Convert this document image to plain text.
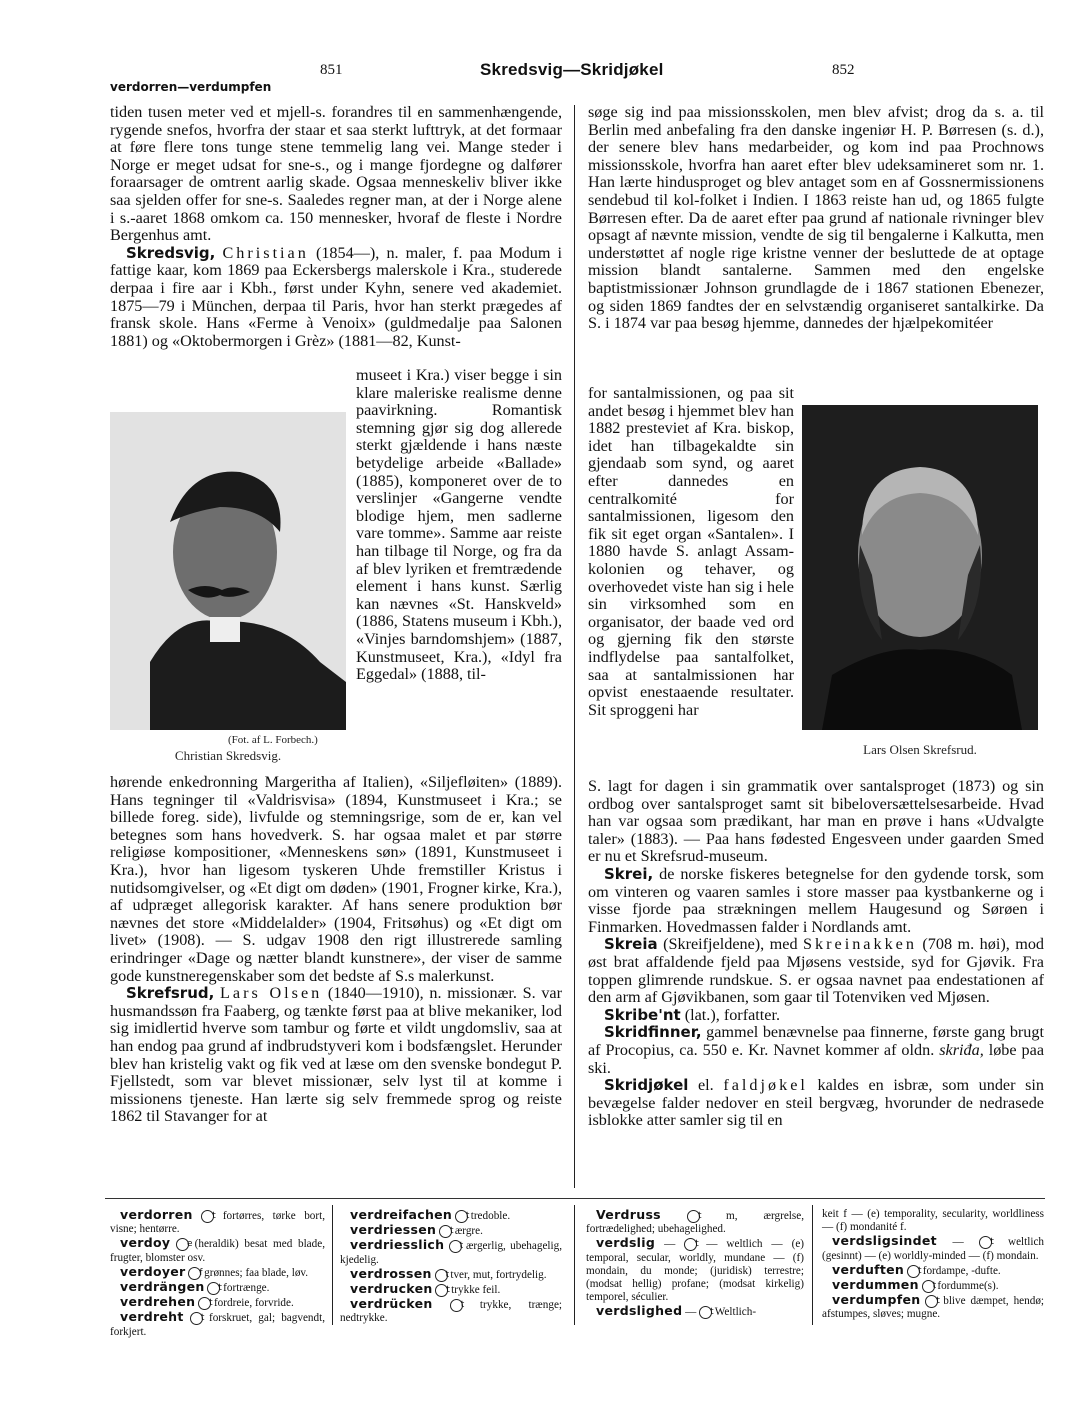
851	Skredsvig—Skridjøkel	852
verdorren—verdumpfen

tiden tusen meter ved et mjell-s. forandres til en sammenhængende, rygende snefos, hvorfra der staar et saa sterkt lufttryk, at det formaar at føre flere tons tunge stene temmelig lang vei. Mange steder i Norge er meget udsat for sne-s., og i mange fjordegne og dalfører foraarsager de omtrent aarlig skade. Ogsaa menneskeliv bliver ikke saa sjelden offer for sne-s. Saaledes regner man, at der i Norge alene i s.-aaret 1868 omkom ca. 150 mennesker, hvoraf de fleste i Nordre Bergenhus amt.

Skredsvig, Christian (1854—), n. maler, f. paa Modum i fattige kaar, kom 1869 paa Eckersbergs malerskole i Kra., studerede derpaa i fire aar i Kbh., først under Kyhn, senere ved akademiet. 1875—79 i München, derpaa til Paris, hvor han sterkt prægedes af fransk skole. Hans «Ferme à Venoix» (guldmedalje paa Salonen 1881) og «Oktobermorgen i Grèz» (1881—82, Kunst-

(Fot. af L. Forbech.)
Christian Skredsvig.
museet i Kra.) viser begge i sin klare maleriske realisme denne paavirkning. Romantisk stemning gjør sig dog allerede sterkt gjældende i hans næste betydelige arbeide «Ballade» (1885), komponeret over de to verslinjer «Gangerne vendte blodige hjem, men sadlerne vare tomme». Samme aar reiste han tilbage til Norge, og fra da af blev lyriken et fremtrædende element i hans kunst. Særlig kan nævnes «St. Hanskveld» (1886, Statens museum i Kbh.), «Vinjes barndomshjem» (1887, Kunstmuseet, Kra.), «Idyl fra Eggedal» (1888, til-

hørende enkedronning Margeritha af Italien), «Siljefløiten» (1889). Hans tegninger til «Valdrisvisa» (1894, Kunstmuseet i Kra.; se billede foreg. side), livfulde og stemningsrige, som de er, kan vel betegnes som hans hovedverk. S. har ogsaa malet et par større religiøse kompositioner, «Menneskens søn» (1891, Kunstmuseet i Kra.), hvor han ligesom tyskeren Uhde fremstiller Kristus i nutidsomgivelser, og «Et digt om døden» (1901, Frogner kirke, Kra.), af udpræget allegorisk karakter. Af hans senere produktion bør nævnes det store «Middelalder» (1904, Fritsøhus) og «Et digt om livet» (1908). — S. udgav 1908 den rigt illustrerede samling erindringer «Dage og nætter blandt kunstnere», der viser de samme gode kunstneregenskaber som det bedste af S.s malerkunst.

Skrefsrud, Lars Olsen (1840—1910), n. missionær. S. var husmandssøn fra Faaberg, og tænkte først paa at blive mekaniker, lod sig imidlertid hverve som tambur og førte et vildt ungdomsliv, saa at han endog paa grund af indbrudstyveri kom i bodsfængslet. Herunder blev han kristelig vakt og fik ved at læse om den svenske bondegut P. Fjellstedt, som var blevet missionær, selv lyst til at komme i missionens tjeneste. Han lærte sig selv fremmede sprog og reiste 1862 til Stavanger for at

søge sig ind paa missionsskolen, men blev afvist; drog da s. a. til Berlin med anbefaling fra den danske ingeniør H. P. Børresen (s. d.), der senere blev hans medarbeider, og kom ind paa Prochnows missionsskole, hvorfra han aaret efter blev udeksamineret som nr. 1. Han lærte hindusproget og blev antaget som en af Gossnermissionens sendebud til kol-folket i Indien. I 1863 reiste han ud, og 1865 fulgte Børresen efter. Da de aaret efter paa grund af nationale rivninger blev opsagt af nævnte mission, vendte de sig til bengalerne i Kalkutta, men understøttet af nogle rige kristne venner der besluttede de at optage mission blandt santalerne. Sammen med den engelske baptistmissionær Johnson grundlagde de i 1867 stationen Ebenezer, og siden 1869 fandtes der en selvstændig organiseret santalkirke. Da S. i 1874 var paa besøg hjemme, dannedes der hjælpekomitéer

for santalmissionen, og paa sit andet besøg i hjemmet blev han 1882 presteviet af Kra. biskop, idet han tilbagekaldte sin gjendaab som synd, og aaret efter dannedes en centralkomité for santalmissionen, ligesom den fik sit eget organ «Santalen». I 1880 havde S. anlagt Assam-kolonien og tehaver, og overhovedet viste han sig i hele sin virksomhed som en organisator, der baade ved ord og gjerning fik den største indflydelse paa santalfolket, saa at santalmissionen har opvist enestaaende resultater. Sit sproggeni har
Lars Olsen Skrefsrud.

S. lagt for dagen i sin grammatik over santalsproget (1873) og sin ordbog over santalsproget samt sit bibeloversættelsesarbeide. Hvad han var ogsaa som prædikant, har man en prøve i hans «Udvalgte taler» (1883). — Paa hans fødested Engesveen under gaarden Smed er nu et Skrefsrud-museum.

Skrei, de norske fiskeres betegnelse for den gydende torsk, som om vinteren og vaaren samles i store masser paa kystbankerne og i visse fjorde paa strækningen mellem Haugesund og Sørøen i Finmarken. Hovedmassen falder i Nordlands amt.

Skreia (Skreifjeldene), med Skreinakken (708 m. høi), mod øst brat affaldende fjeld paa Mjøsens vestside, syd for Gjøvik. Fra toppen glimrende rundskue. S. er ogsaa navnet paa endestationen af den arm af Gjøvikbanen, som gaar til Totenviken ved Mjøsen.

Skribe'nt (lat.), forfatter.

Skridfinner, gammel benævnelse paa finnerne, første gang brugt af Procopius, ca. 550 e. Kr. Navnet kommer af oldn. skriđa, løbe paa ski.

Skridjøkel el. faldjøkel kaldes en isbræ, som under sin bevægelse falder nedover en steil bergvæg, hvorunder de nedrasede isblokke atter samler sig til en

verdorren t fortørres, tørke bort, visne; hentørre.

verdoy e (heraldik) besat med blade, frugter, blomster osv.

verdoyer f grønnes; faa blade, løv.

verdrängen t fortrænge.

verdrehen t fordreie, forvride.

verdreht t forskruet, gal; bagvendt, forkjert.

verdreifachen t tredoble.

verdriessen t ærgre.

verdriesslich t ærgerlig, ubehagelig, kjedelig.

verdrossen t tver, mut, fortrydelig.

verdrucken t trykke feil.

verdrücken	t trykke, trænge; nedtrykke.

Verdruss	t m, ærgrelse, fortrædelighed; ubehagelighed.

verdslig — t — weltlich — (e) temporal, secular, worldly, mundane — (f) mondain, du monde; (juridisk) terrestre; (modsat hellig) profane; (modsat kirkelig) temporel, séculier.

verdslighed — t Weltlich-

keit f — (e) temporality, secularity, worldliness — (f) mondanité f.

verdsligsindet —	t weltlich (gesinnt) — (e) worldly-minded — (f) mondain.

verduften t fordampe, -dufte.

verdummen t fordumme(s).

verdumpfen t blive dæmpet, hendø; afstumpes, sløves; mugne.
